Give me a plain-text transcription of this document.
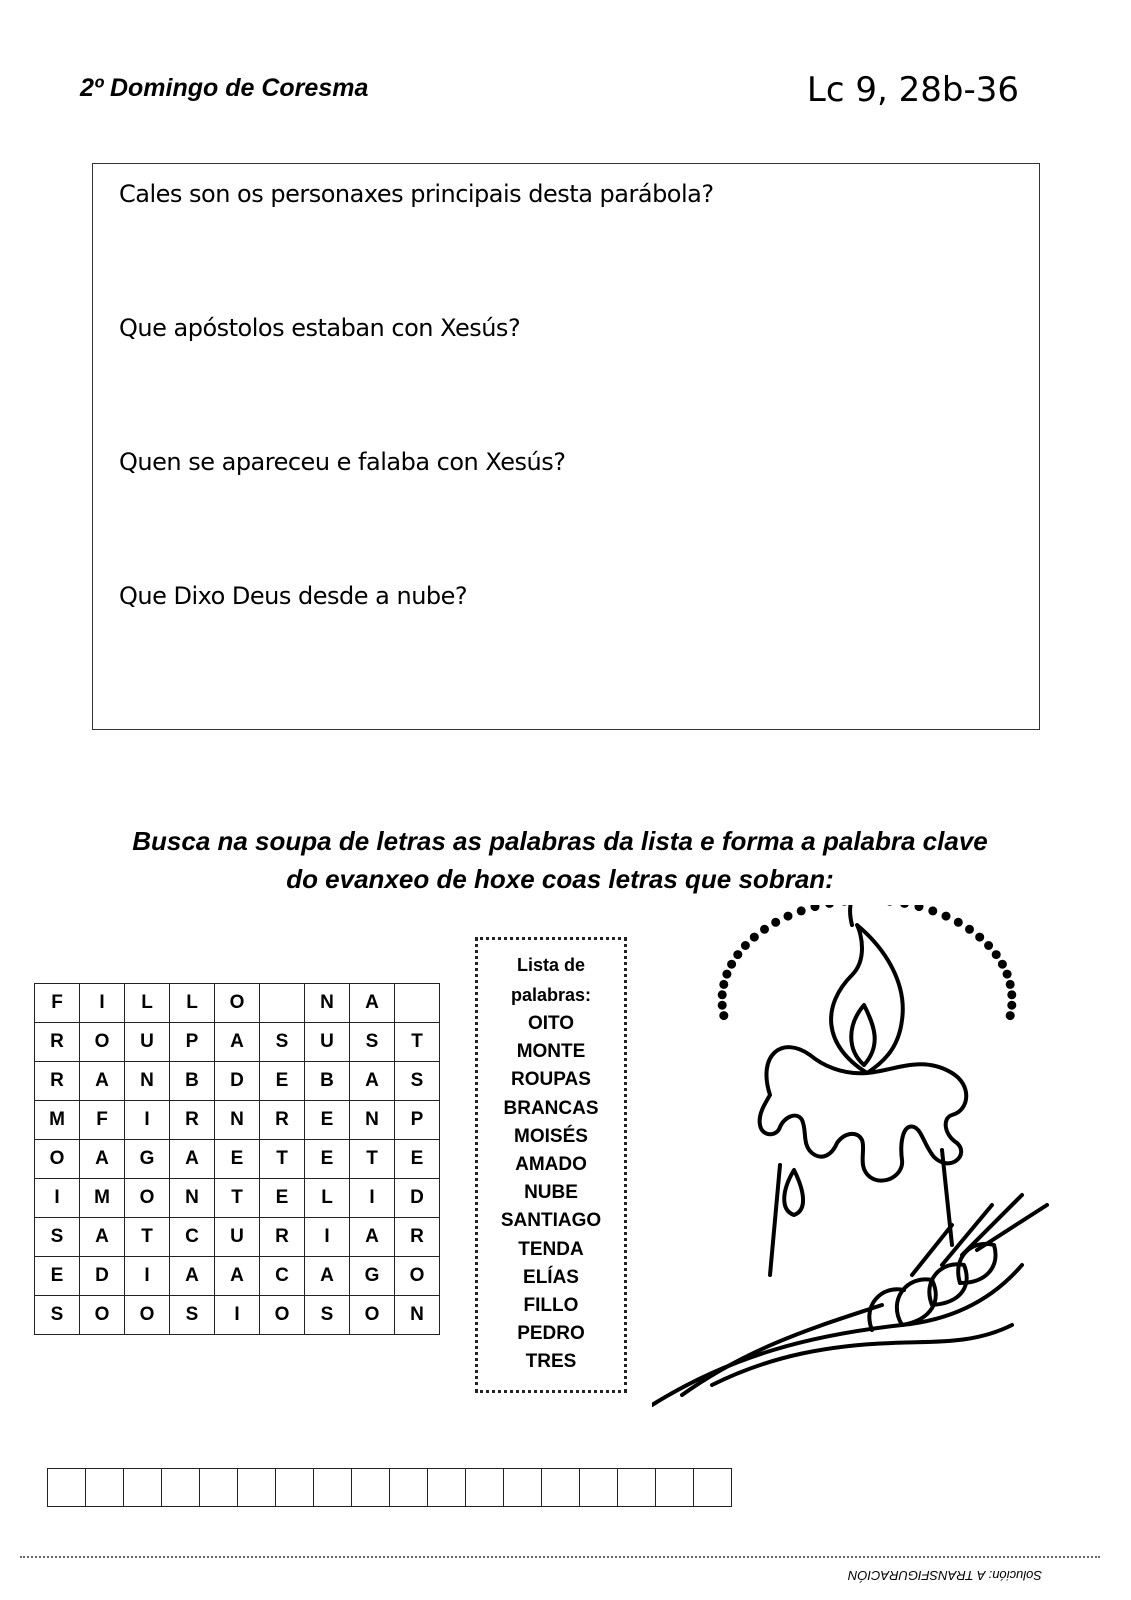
2º Domingo de Coresma	Lc 9, 28b-36
Cales son os personaxes principais desta parábola?
Que apóstolos estaban con Xesús?
Quen se apareceu e falaba con Xesús?
Que Dixo Deus desde a nube?
Busca na soupa de letras as palabras da lista e forma a palabra clave
do evanxeo de hoxe coas letras que sobran:
F	I	L	L	O		N	A	
R	O	U	P	A	S	U	S	T
R	A	N	B	D	E	B	A	S
M	F	I	R	N	R	E	N	P
O	A	G	A	E	T	E	T	E
I	M	O	N	T	E	L	I	D
S	A	T	C	U	R	I	A	R
E	D	I	A	A	C	A	G	O
S	O	O	S	I	O	S	O	N
Lista de
palabras:
OITO
MONTE
ROUPAS
BRANCAS
MOISÉS
AMADO
NUBE
SANTIAGO
TENDA
ELÍAS
FILLO
PEDRO
TRES
Solución: A TRANSFIGURACIÓN
